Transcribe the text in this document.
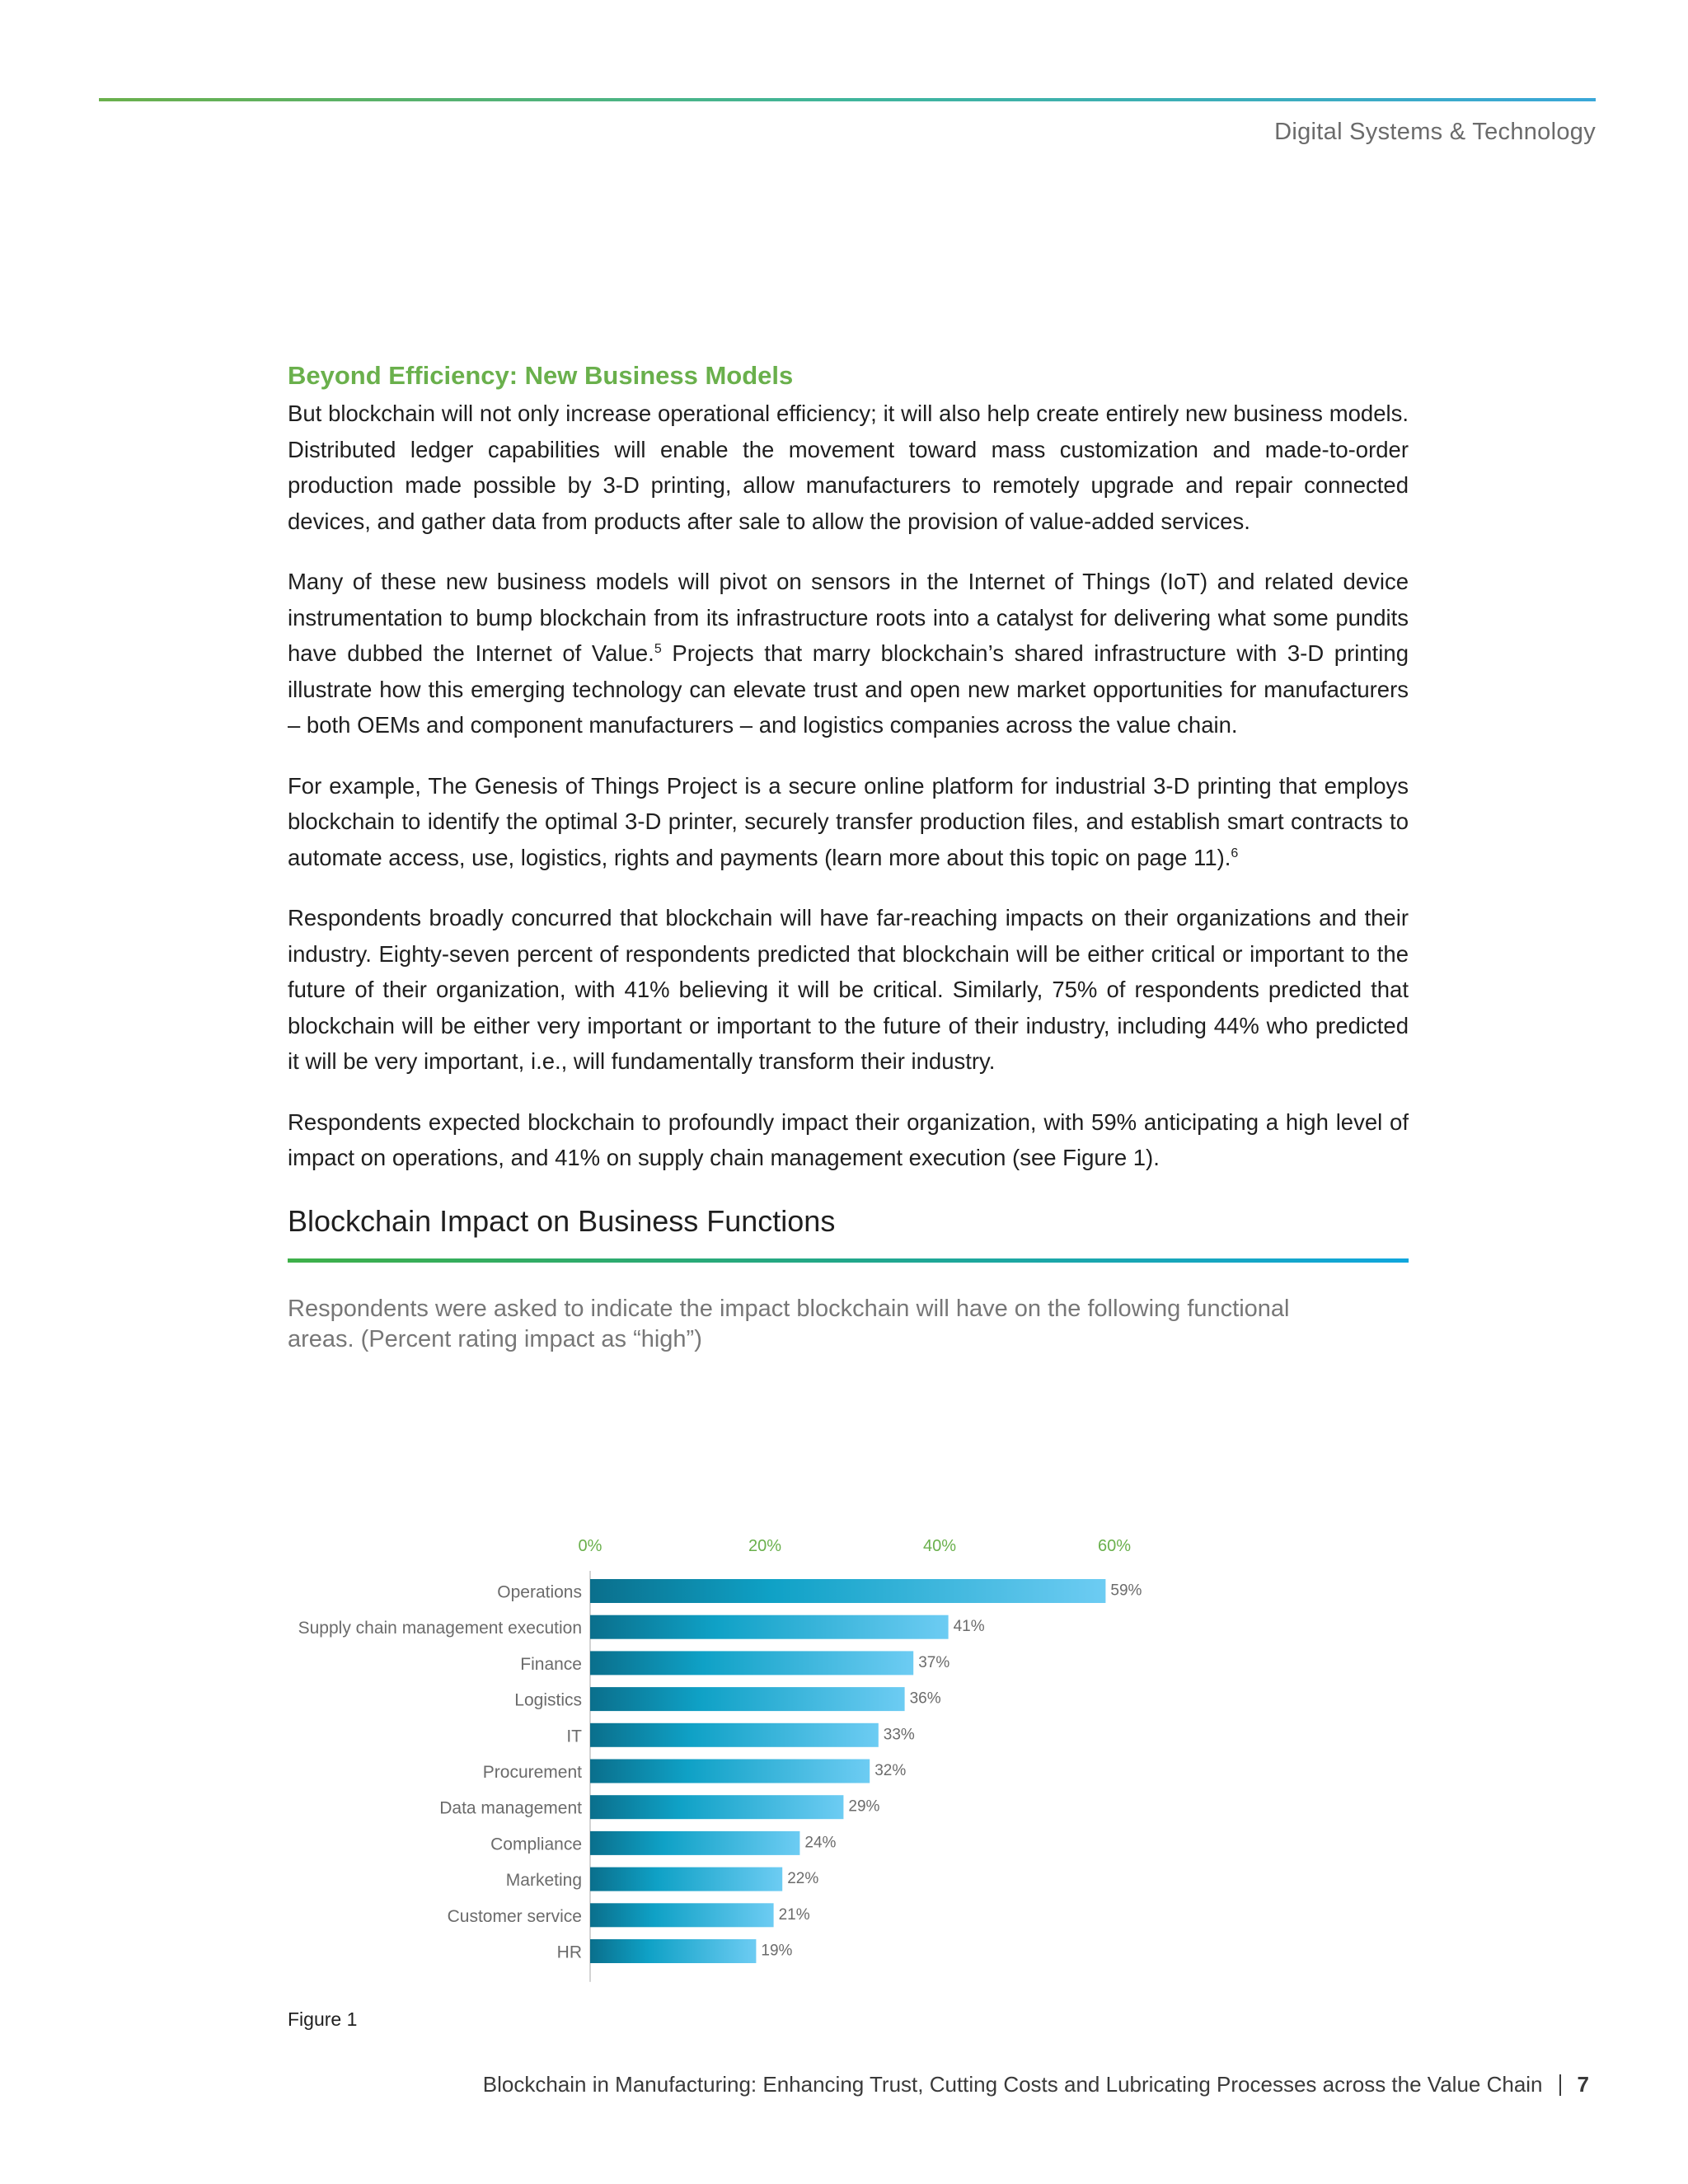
Digital Systems & Technology
Beyond Efficiency: New Business Models

But blockchain will not only increase operational efficiency; it will also help create entirely new business models. Distributed ledger capabilities will enable the movement toward mass customization and made-to-order production made possible by 3-D printing, allow manufacturers to remotely upgrade and repair connected devices, and gather data from products after sale to allow the provision of value-added services.

Many of these new business models will pivot on sensors in the Internet of Things (IoT) and related device instrumentation to bump blockchain from its infrastructure roots into a catalyst for delivering what some pundits have dubbed the Internet of Value.$^5$ Projects that marry blockchain’s shared infrastructure with 3-D printing illustrate how this emerging technology can elevate trust and open new market opportunities for manufacturers – both OEMs and component manufacturers – and logistics companies across the value chain.

For example, The Genesis of Things Project is a secure online platform for industrial 3-D printing that employs blockchain to identify the optimal 3-D printer, securely transfer production files, and establish smart contracts to automate access, use, logistics, rights and payments (learn more about this topic on page 11).$^6$

Respondents broadly concurred that blockchain will have far-reaching impacts on their organizations and their industry. Eighty-seven percent of respondents predicted that blockchain will be either critical or important to the future of their organization, with 41% believing it will be critical. Similarly, 75% of respondents predicted that blockchain will be either very important or important to the future of their industry, including 44% who predicted it will be very important, i.e., will fundamentally transform their industry.

Respondents expected blockchain to profoundly impact their organization, with 59% anticipating a high level of impact on operations, and 41% on supply chain management execution (see Figure 1).

Blockchain Impact on Business Functions

Respondents were asked to indicate the impact blockchain will have on the following functional areas. (Percent rating impact as “high”)

0%	20%	40%	60%
Operations	59%
Supply chain management execution	41%
Finance	37%
Logistics	36%
IT	33%
Procurement	32%
Data management	29%
Compliance	24%
Marketing	22%
Customer service	21%
HR	19%
Figure 1
Blockchain in Manufacturing: Enhancing Trust, Cutting Costs and Lubricating Processes across the Value Chain 7
